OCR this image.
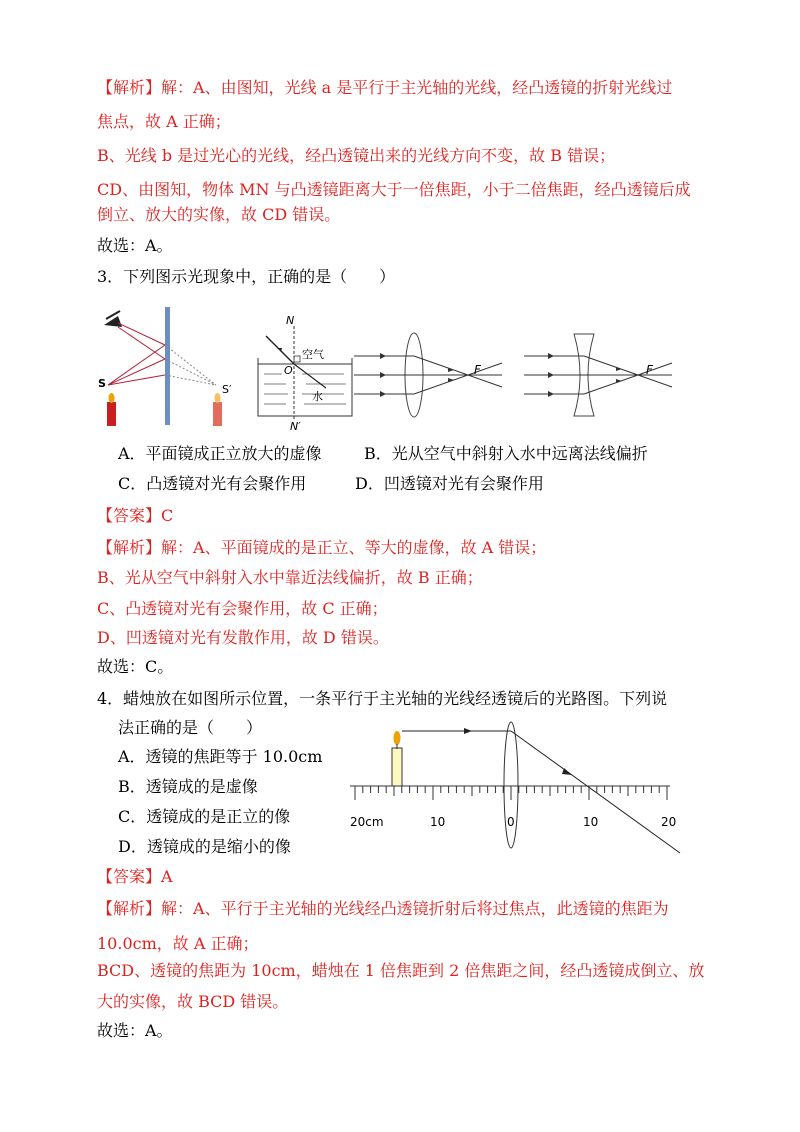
【解析】解：A、由图知，光线 a 是平行于主光轴的光线，经凸透镜的折射光线过
焦点，故 A 正确；
B、光线 b 是过光心的光线，经凸透镜出来的光线方向不变，故 B 错误；
CD、由图知，物体 MN 与凸透镜距离大于一倍焦距，小于二倍焦距，经凸透镜后成
倒立、放大的实像，故 CD 错误。
故选：A。
3．下列图示光现象中，正确的是（　　）
S	S′
N
O
空气
水
N′
F	F
A．平面镜成正立放大的虚像	B．光从空气中斜射入水中远离法线偏折
C．凸透镜对光有会聚作用	D．凹透镜对光有会聚作用
【答案】C
【解析】解：A、平面镜成的是正立、等大的虚像，故 A 错误；
B、光从空气中斜射入水中靠近法线偏折，故 B 正确；
C、凸透镜对光有会聚作用，故 C 正确；
D、凹透镜对光有发散作用，故 D 错误。
故选：C。
4．蜡烛放在如图所示位置，一条平行于主光轴的光线经透镜后的光路图。下列说
法正确的是（　　）
A．透镜的焦距等于 10.0cm
B．透镜成的是虚像
C．透镜成的是正立的像
D．透镜成的是缩小的像
20cm	10	0	10	20
【答案】A
【解析】解：A、平行于主光轴的光线经凸透镜折射后将过焦点，此透镜的焦距为
10.0cm，故 A 正确；
BCD、透镜的焦距为 10cm，蜡烛在 1 倍焦距到 2 倍焦距之间，经凸透镜成倒立、放
大的实像，故 BCD 错误。
故选：A。
